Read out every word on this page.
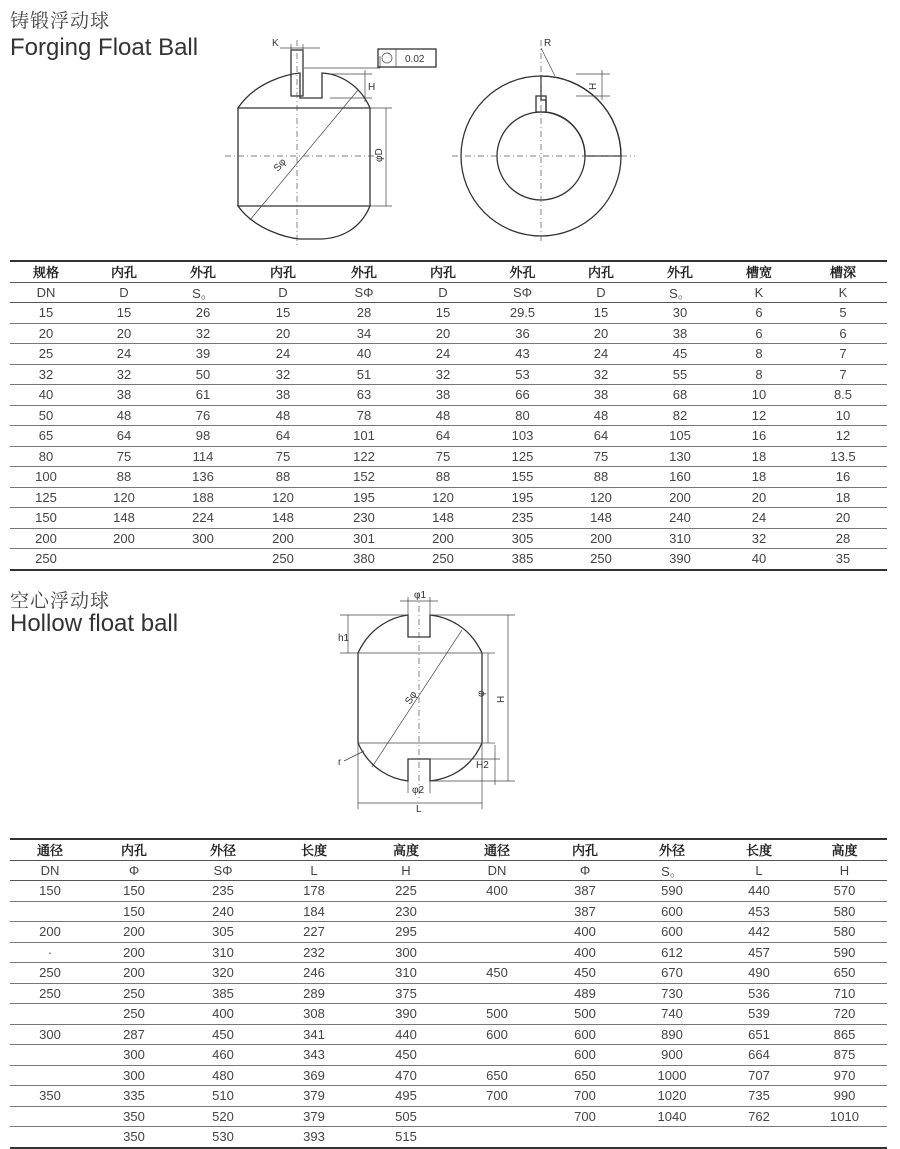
铸锻浮动球
Forging Float Ball
Sφ
K
0.02
H
φD
R
H
规格	内孔	外孔	内孔	外孔	内孔	外孔	内孔	外孔	槽宽	槽深
DN	D	S。	D	SΦ	D	SΦ	D	S。	K	K
15	15	26	15	28	15	29.5	15	30	6	5
20	20	32	20	34	20	36	20	38	6	6
25	24	39	24	40	24	43	24	45	8	7
32	32	50	32	51	32	53	32	55	8	7
40	38	61	38	63	38	66	38	68	10	8.5
50	48	76	48	78	48	80	48	82	12	10
65	64	98	64	101	64	103	64	105	16	12
80	75	114	75	122	75	125	75	130	18	13.5
100	88	136	88	152	88	155	88	160	18	16
125	120	188	120	195	120	195	120	200	20	18
150	148	224	148	230	148	235	148	240	24	20
200	200	300	200	301	200	305	200	310	32	28
250			250	380	250	385	250	390	40	35
空心浮动球
Hollow float ball
Sφ
φ1
h1
φ
H
r	H2
φ2
L
通径	内孔	外径	长度	高度	通径	内孔	外径	长度	高度
DN	Φ	SΦ	L	H	DN	Φ	S。	L	H
150	150	235	178	225	400	387	590	440	570
	150	240	184	230		387	600	453	580
200	200	305	227	295		400	600	442	580
·	200	310	232	300		400	612	457	590
250	200	320	246	310	450	450	670	490	650
250	250	385	289	375		489	730	536	710
	250	400	308	390	500	500	740	539	720
300	287	450	341	440	600	600	890	651	865
	300	460	343	450		600	900	664	875
	300	480	369	470	650	650	1000	707	970
350	335	510	379	495	700	700	1020	735	990
	350	520	379	505		700	1040	762	1010
	350	530	393	515					
